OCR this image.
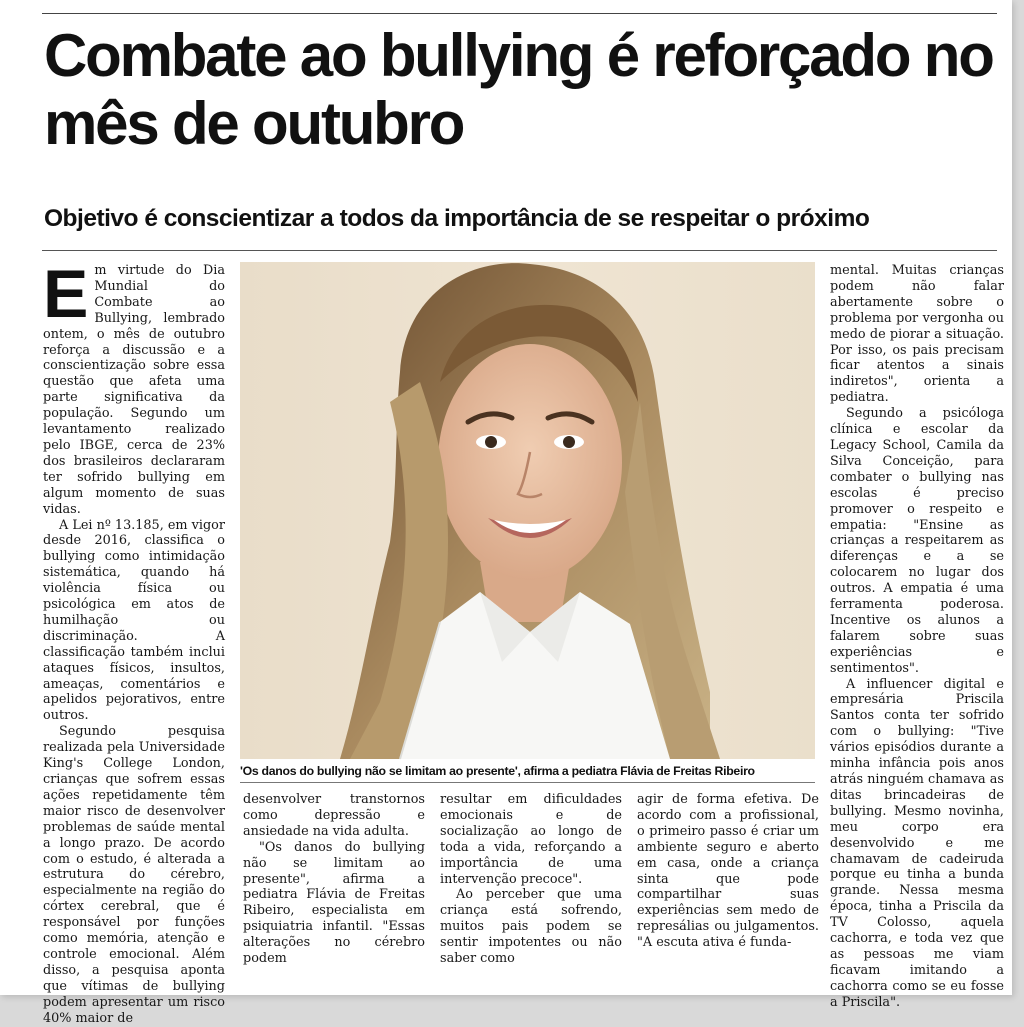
Combate ao bullying é reforçado no mês de outubro
Objetivo é conscientizar a todos da importância de se respeitar o próximo

Em virtude do Dia Mundial do Combate ao Bullying, lembrado ontem, o mês de outubro reforça a discussão e a conscientização sobre essa questão que afeta uma parte significativa da população. Segundo um levantamento realizado pelo IBGE, cerca de 23% dos brasileiros declararam ter sofrido bullying em algum momento de suas vidas.

A Lei nº 13.185, em vigor desde 2016, classifica o bullying como intimidação sistemática, quando há violência física ou psicológica em atos de humilhação ou discriminação. A classificação também inclui ataques físicos, insultos, ameaças, comentários e apelidos pejorativos, entre outros.

Segundo pesquisa realizada pela Universidade King's College London, crianças que sofrem essas ações repetidamente têm maior risco de desenvolver problemas de saúde mental a longo prazo. De acordo com o estudo, é alterada a estrutura do cérebro, especialmente na região do córtex cerebral, que é responsável por funções como memória, atenção e controle emocional. Além disso, a pesquisa aponta que vítimas de bullying podem apresentar um risco 40% maior de

'Os danos do bullying não se limitam ao presente', afirma a pediatra Flávia de Freitas Ribeiro

desenvolver transtornos como depressão e ansiedade na vida adulta.

"Os danos do bullying não se limitam ao presente", afirma a pediatra Flávia de Freitas Ribeiro, especialista em psiquiatria infantil. "Essas alterações no cérebro podem

resultar em dificuldades emocionais e de socialização ao longo de toda a vida, reforçando a importância de uma intervenção precoce".

Ao perceber que uma criança está sofrendo, muitos pais podem se sentir impotentes ou não saber como

agir de forma efetiva. De acordo com a profissional, o primeiro passo é criar um ambiente seguro e aberto em casa, onde a criança sinta que pode compartilhar suas experiências sem medo de represálias ou julgamentos. "A escuta ativa é funda-

mental. Muitas crianças podem não falar abertamente sobre o problema por vergonha ou medo de piorar a situação. Por isso, os pais precisam ficar atentos a sinais indiretos", orienta a pediatra.

Segundo a psicóloga clínica e escolar da Legacy School, Camila da Silva Conceição, para combater o bullying nas escolas é preciso promover o respeito e empatia: "Ensine as crianças a respeitarem as diferenças e a se colocarem no lugar dos outros. A empatia é uma ferramenta poderosa. Incentive os alunos a falarem sobre suas experiências e sentimentos".

A influencer digital e empresária Priscila Santos conta ter sofrido com o bullying: "Tive vários episódios durante a minha infância pois anos atrás ninguém chamava as ditas brincadeiras de bullying. Mesmo novinha, meu corpo era desenvolvido e me chamavam de cadeiruda porque eu tinha a bunda grande. Nessa mesma época, tinha a Priscila da TV Colosso, aquela cachorra, e toda vez que as pessoas me viam ficavam imitando a cachorra como se eu fosse a Priscila".
